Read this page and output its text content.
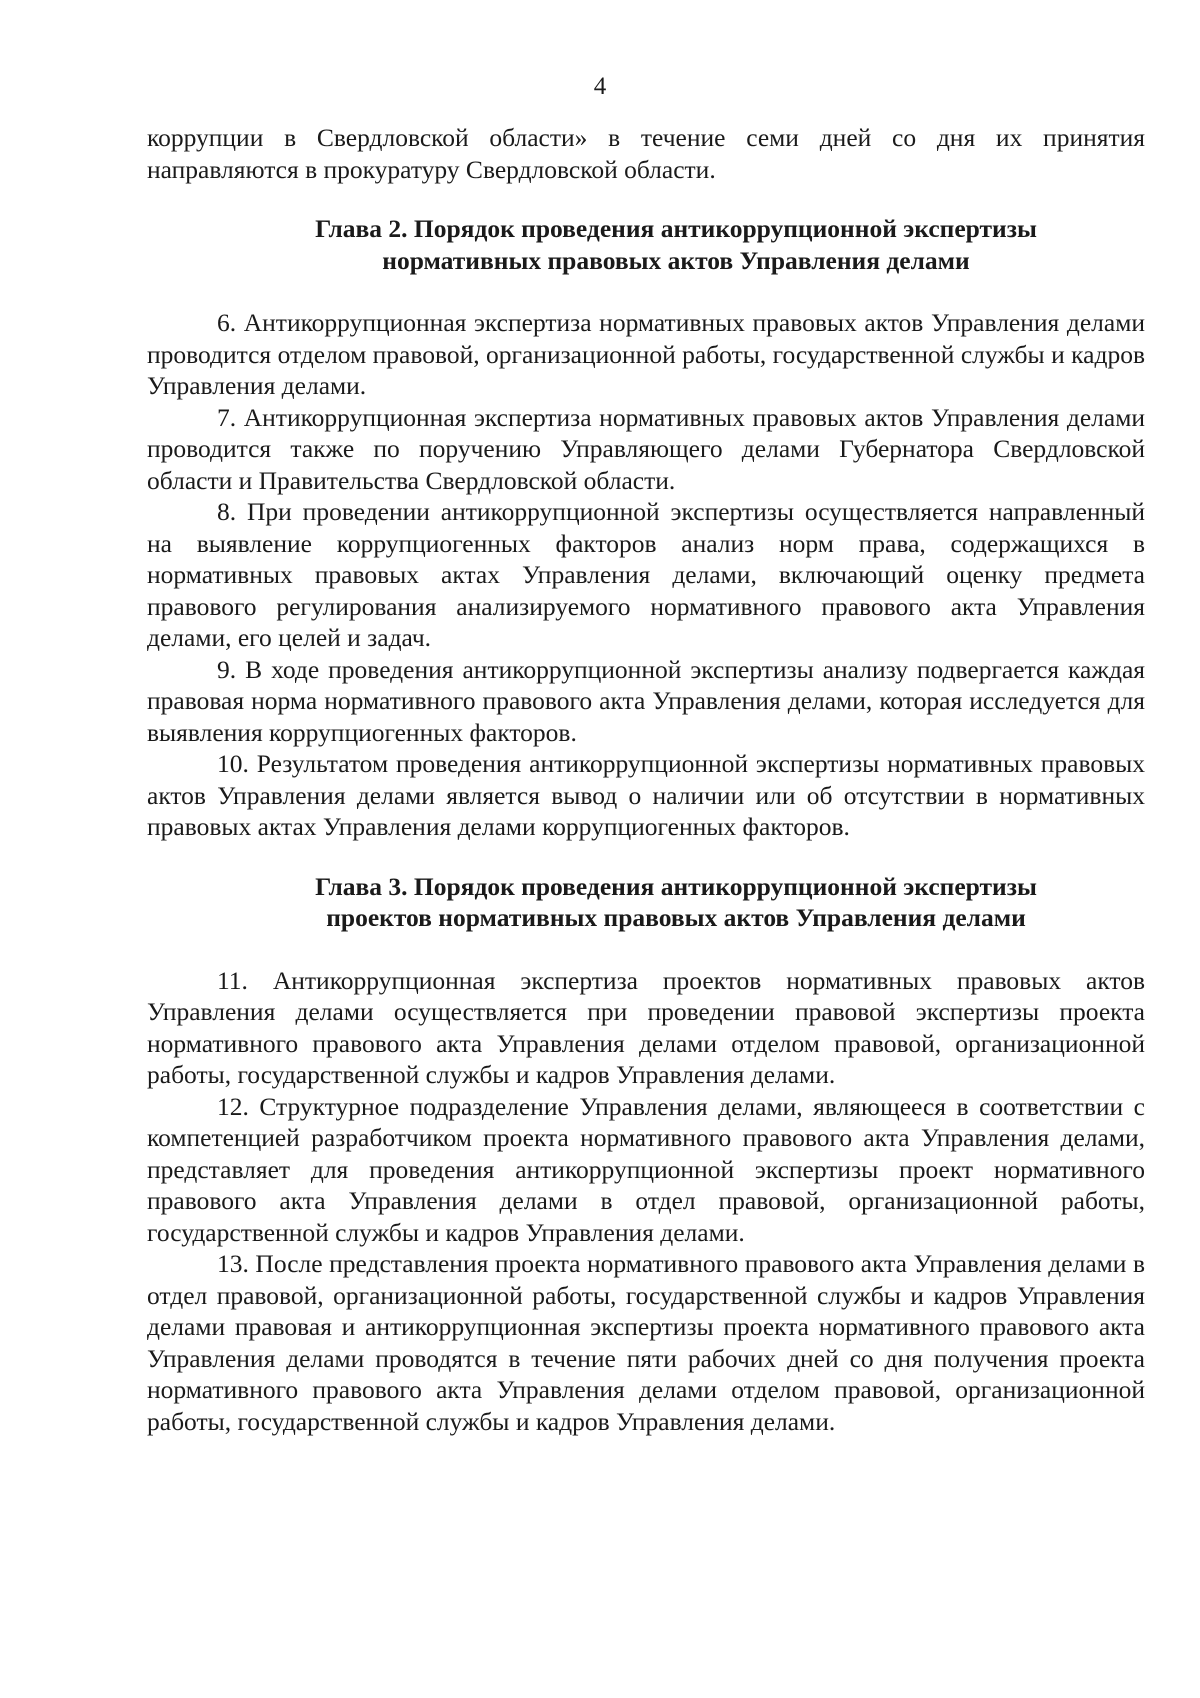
4

коррупции в Свердловской области» в течение семи дней со дня их принятия направляются в прокуратуру Свердловской области.

Глава 2. Порядок проведения антикоррупционной экспертизы
нормативных правовых актов Управления делами

6. Антикоррупционная экспертиза нормативных правовых актов Управления делами проводится отделом правовой, организационной работы, государственной службы и кадров Управления делами.

7. Антикоррупционная экспертиза нормативных правовых актов Управления делами проводится также по поручению Управляющего делами Губернатора Свердловской области и Правительства Свердловской области.

8. При проведении антикоррупционной экспертизы осуществляется направленный на выявление коррупциогенных факторов анализ норм права, содержащихся в нормативных правовых актах Управления делами, включающий оценку предмета правового регулирования анализируемого нормативного правового акта Управления делами, его целей и задач.

9. В ходе проведения антикоррупционной экспертизы анализу подвергается каждая правовая норма нормативного правового акта Управления делами, которая исследуется для выявления коррупциогенных факторов.

10. Результатом проведения антикоррупционной экспертизы нормативных правовых актов Управления делами является вывод о наличии или об отсутствии в нормативных правовых актах Управления делами коррупциогенных факторов.

Глава 3. Порядок проведения антикоррупционной экспертизы
проектов нормативных правовых актов Управления делами

11. Антикоррупционная экспертиза проектов нормативных правовых актов Управления делами осуществляется при проведении правовой экспертизы проекта нормативного правового акта Управления делами отделом правовой, организационной работы, государственной службы и кадров Управления делами.

12. Структурное подразделение Управления делами, являющееся в соответствии с компетенцией разработчиком проекта нормативного правового акта Управления делами, представляет для проведения антикоррупционной экспертизы проект нормативного правового акта Управления делами в отдел правовой, организационной работы, государственной службы и кадров Управления делами.

13. После представления проекта нормативного правового акта Управления делами в отдел правовой, организационной работы, государственной службы и кадров Управления делами правовая и антикоррупционная экспертизы проекта нормативного правового акта Управления делами проводятся в течение пяти рабочих дней со дня получения проекта нормативного правового акта Управления делами отделом правовой, организационной работы, государственной службы и кадров Управления делами.
